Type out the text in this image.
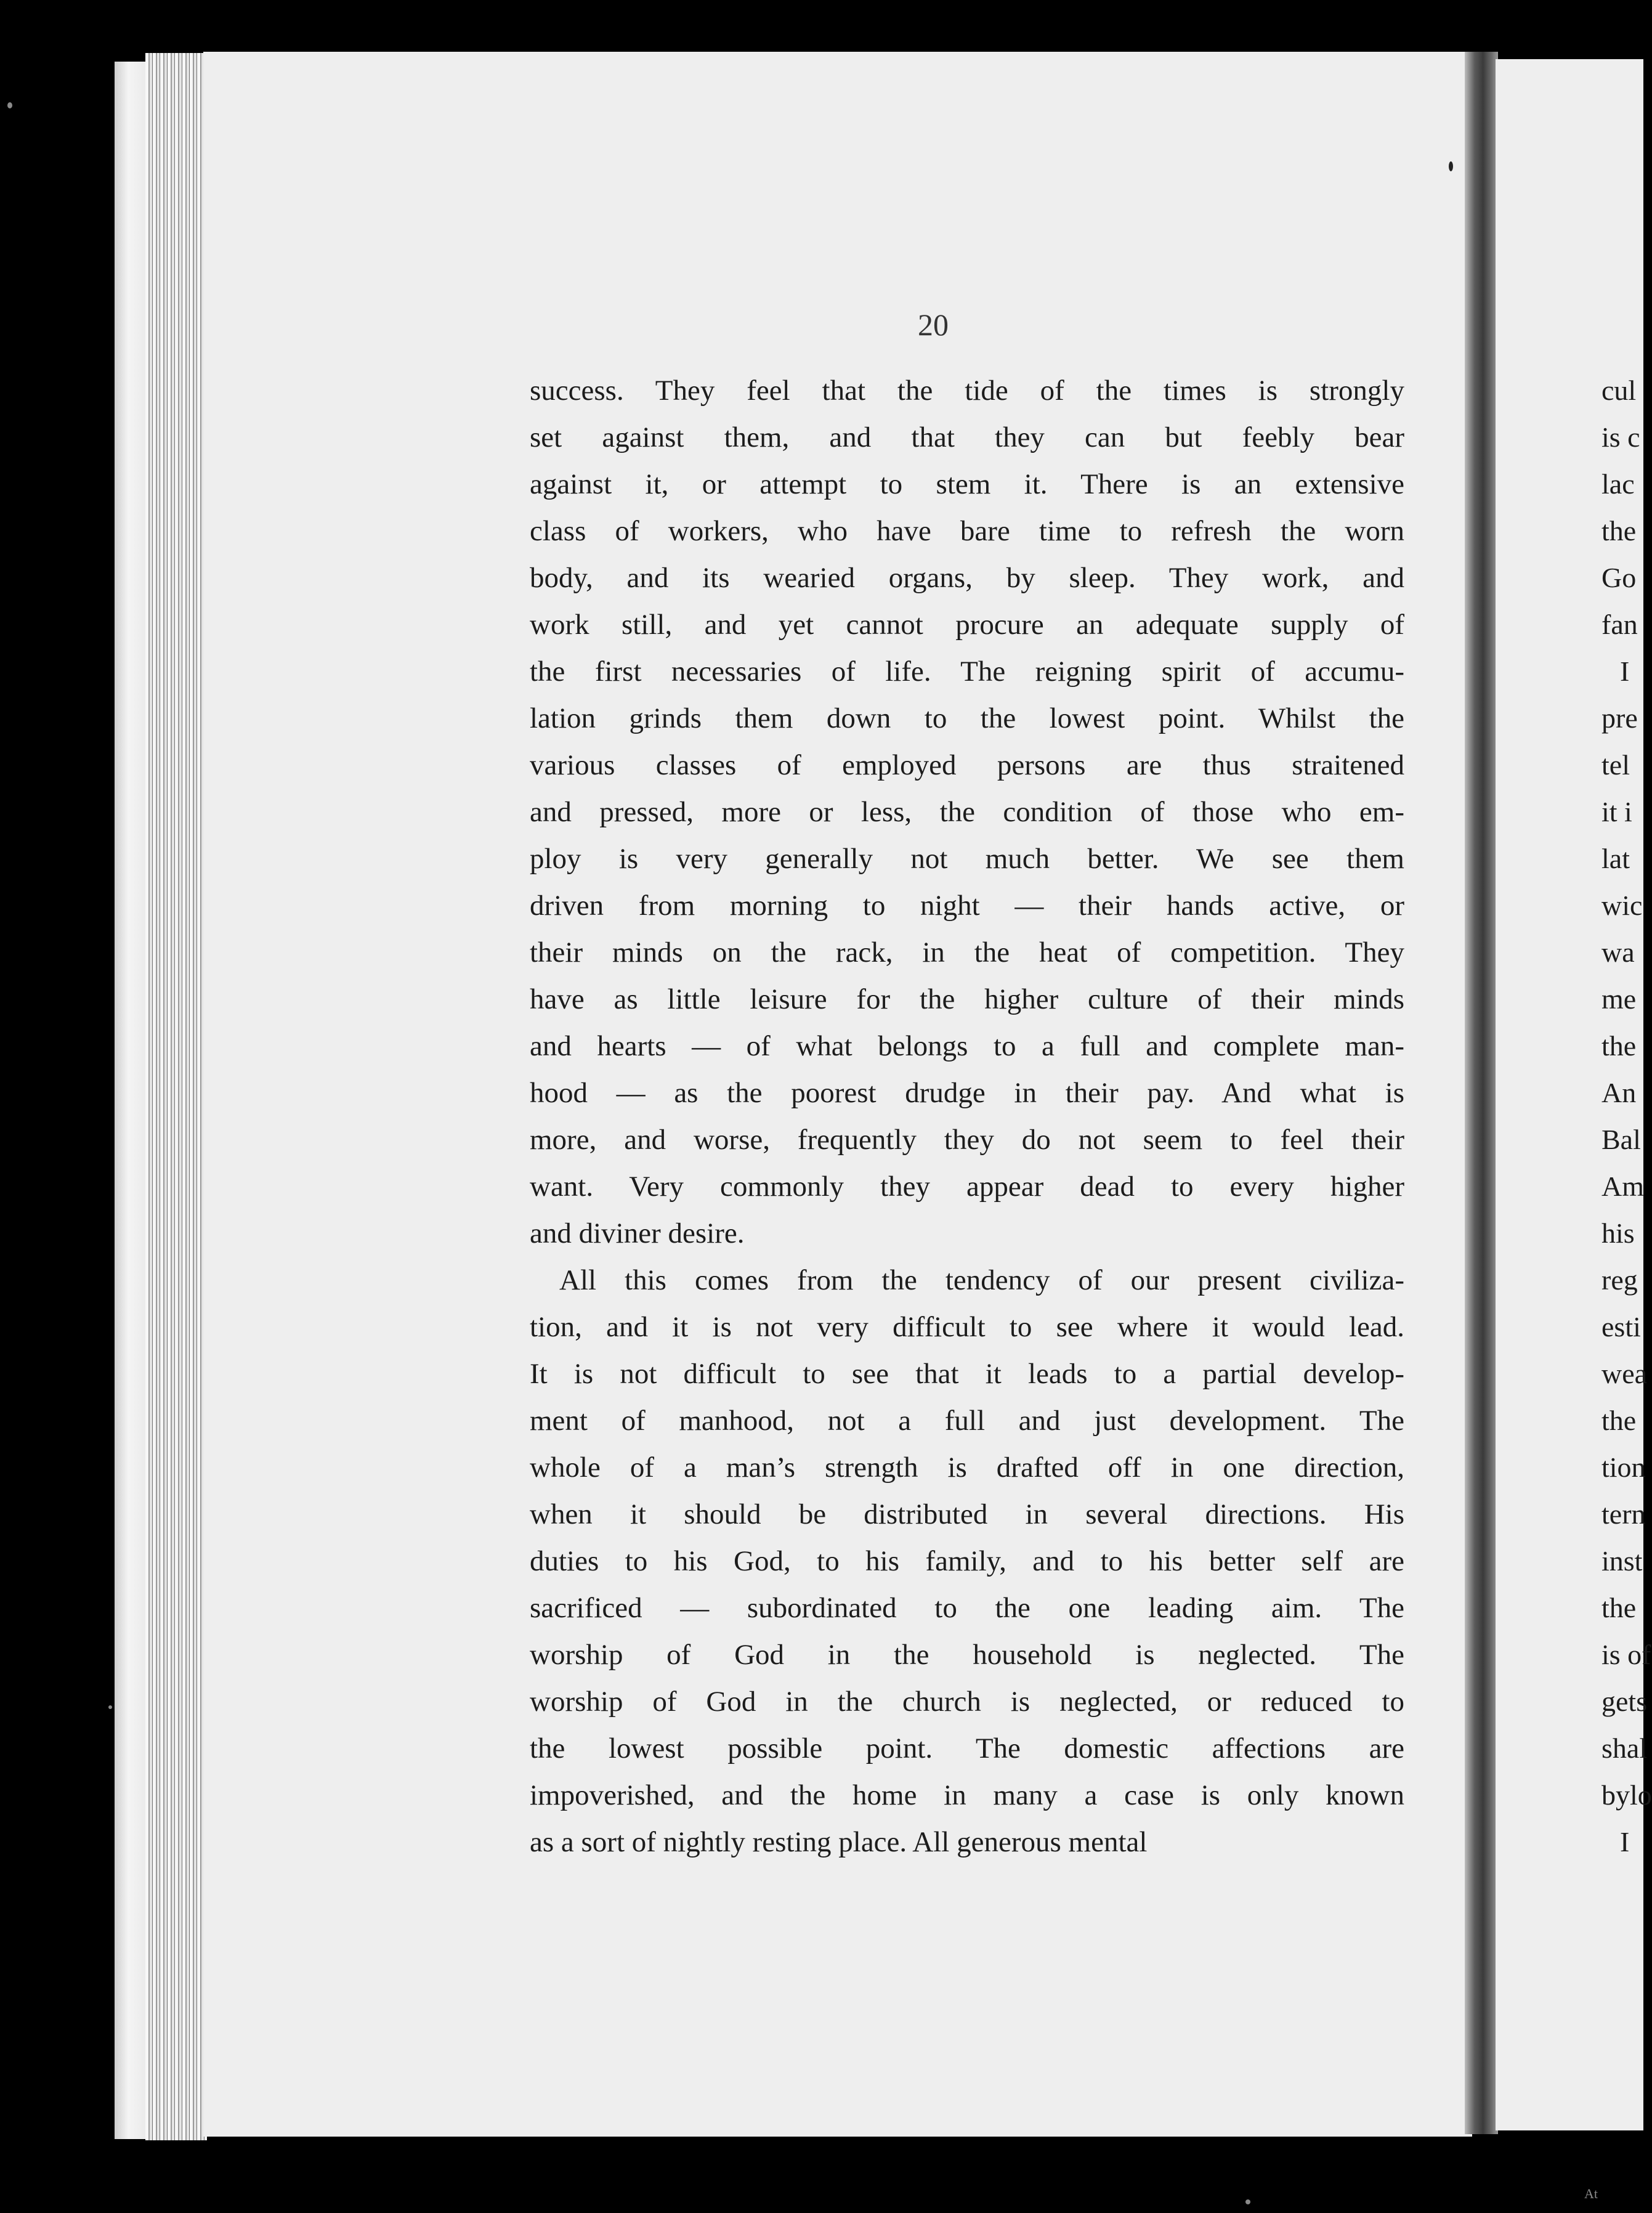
20
success. They feel that the tide of the times is strongly
set against them, and that they can but feebly bear
against it, or attempt to stem it. There is an extensive
class of workers, who have bare time to refresh the worn
body, and its wearied organs, by sleep. They work, and
work still, and yet cannot procure an adequate supply of
the first necessaries of life. The reigning spirit of accumu-
lation grinds them down to the lowest point. Whilst the
various classes of employed persons are thus straitened
and pressed, more or less, the condition of those who em-
ploy is very generally not much better. We see them
driven from morning to night — their hands active, or
their minds on the rack, in the heat of competition. They
have as little leisure for the higher culture of their minds
and hearts — of what belongs to a full and complete man-
hood — as the poorest drudge in their pay. And what is
more, and worse, frequently they do not seem to feel their
want. Very commonly they appear dead to every higher
and diviner desire.
All this comes from the tendency of our present civiliza-
tion, and it is not very difficult to see where it would lead.
It is not difficult to see that it leads to a partial develop-
ment of manhood, not a full and just development. The
whole of a man’s strength is drafted off in one direction,
when it should be distributed in several directions. His
duties to his God, to his family, and to his better self are
sacrificed — subordinated to the one leading aim. The
worship of God in the household is neglected. The
worship of God in the church is neglected, or reduced to
the lowest possible point. The domestic affections are
impoverished, and the home in many a case is only known
as a sort of nightly resting place. All generous mental
cul
is c
lac
the
Go
fan
I
pre
tel
it i
lat
wic
wa
me
the
An
Bal
Am
his
reg
esti
wea
the
tion
tern
inst
the
is of
gets
shal
bylo
I
At
